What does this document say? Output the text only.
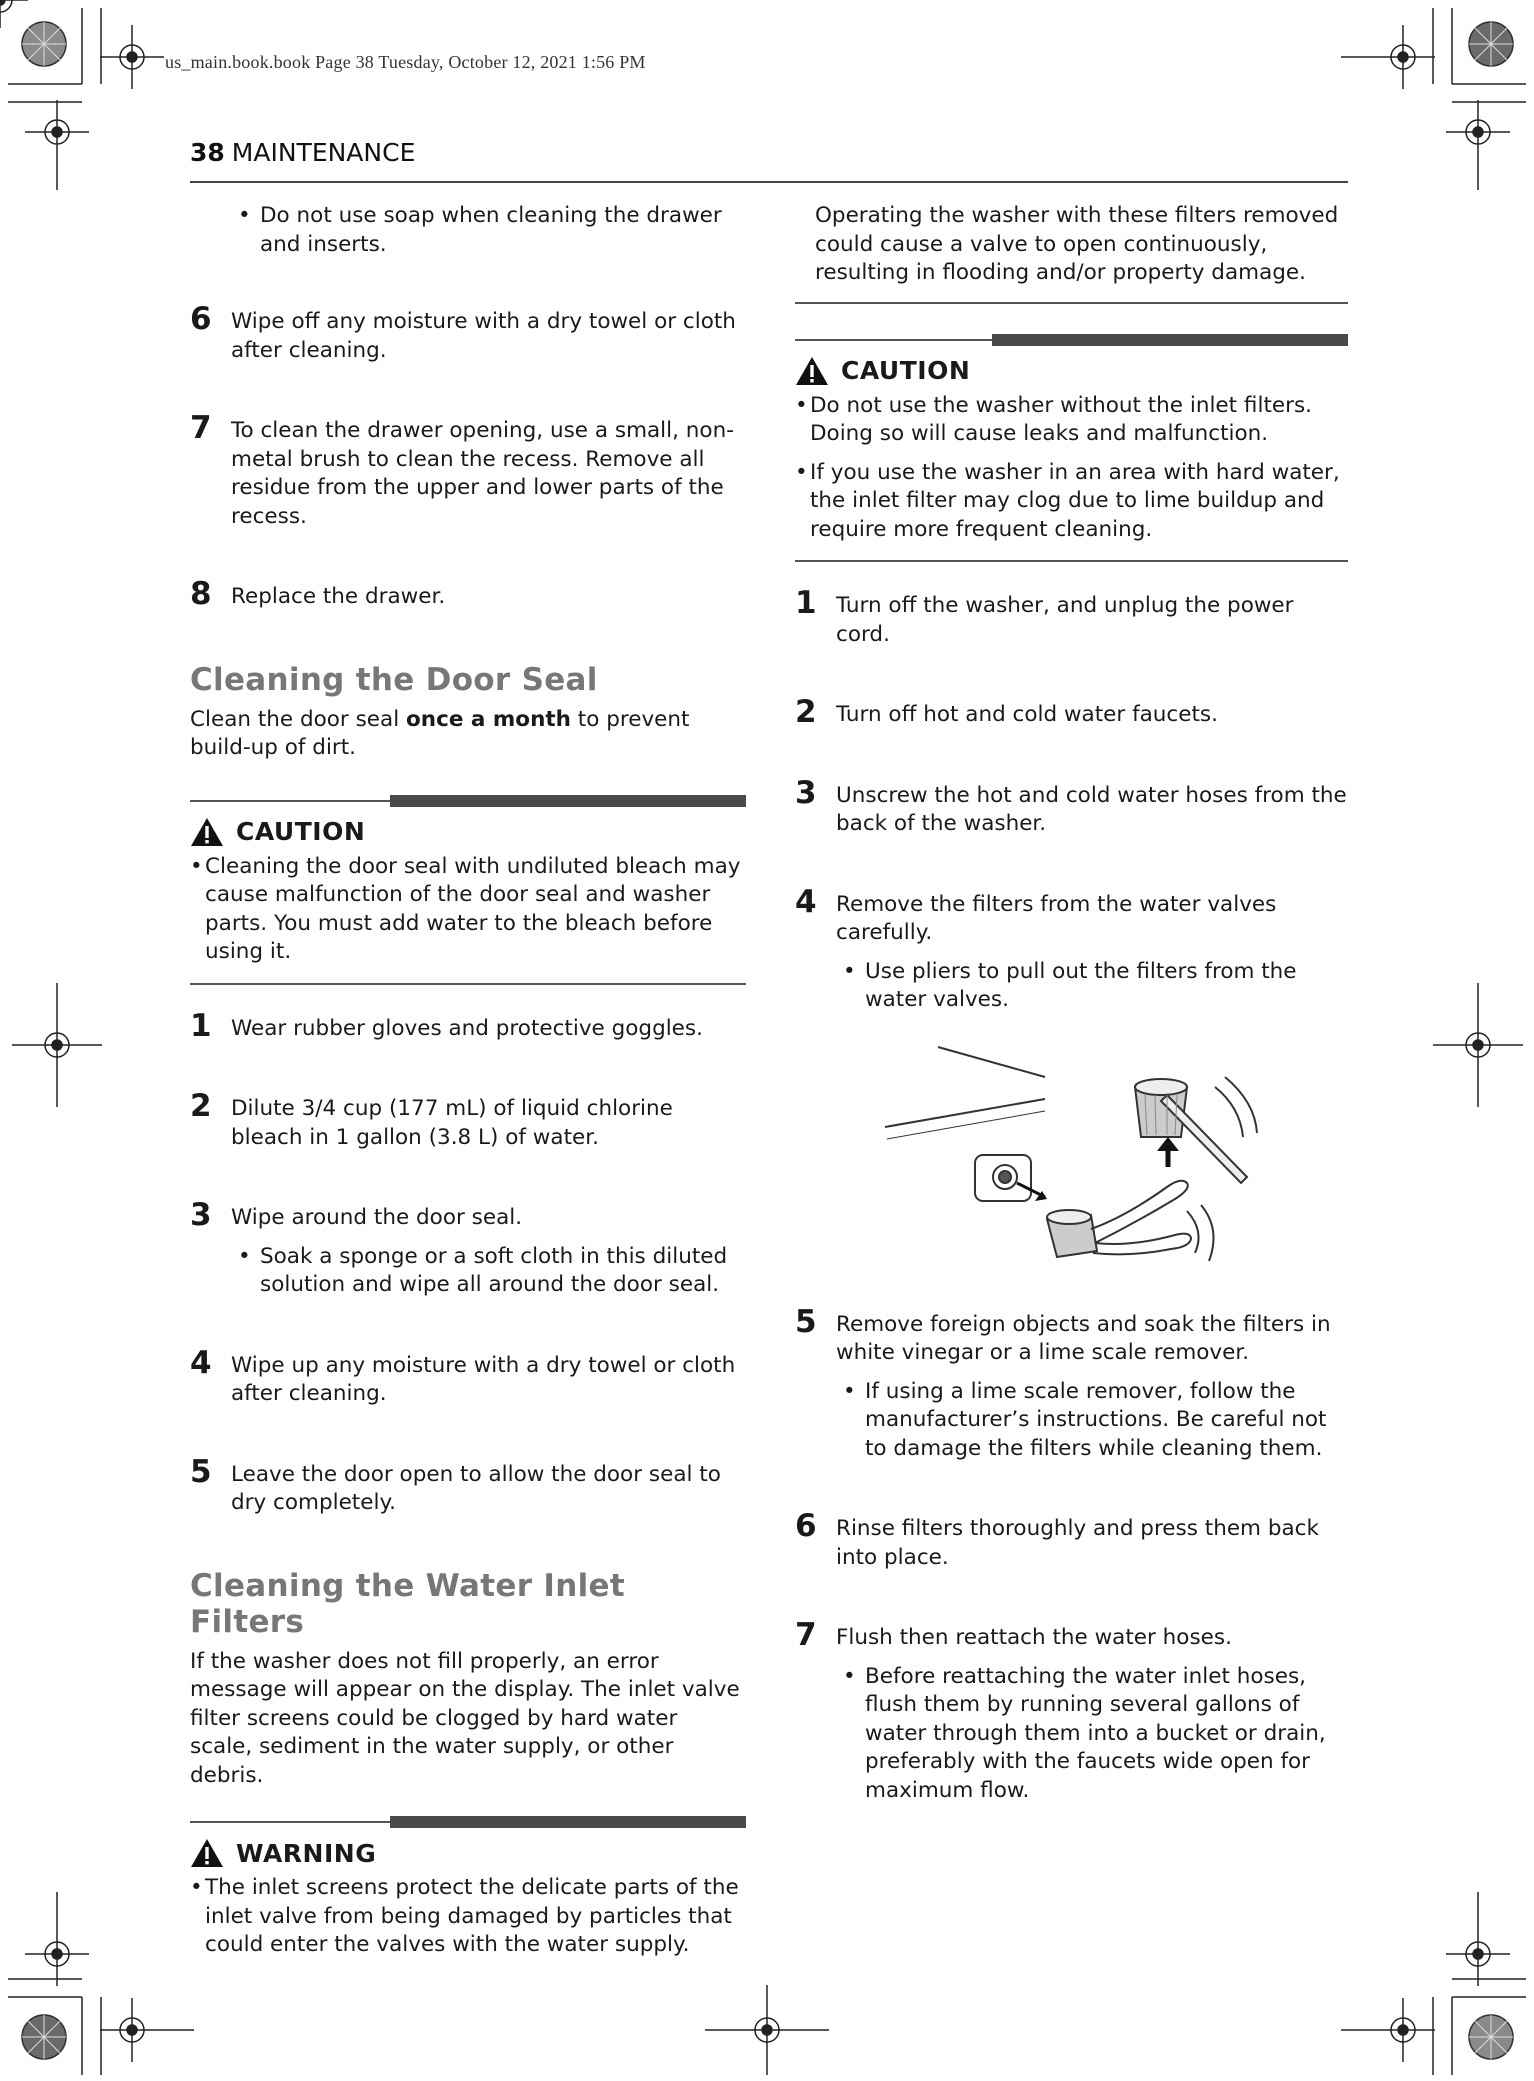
us_main.book.book Page 38 Tuesday, October 12, 2021 1:56 PM
38 MAINTENANCE
• Do not use soap when cleaning the drawer and inserts.
6 Wipe off any moisture with a dry towel or cloth after cleaning.
7 To clean the drawer opening, use a small, non-metal brush to clean the recess. Remove all residue from the upper and lower parts of the recess.
8 Replace the drawer.
Cleaning the Door Seal

Clean the door seal once a month to prevent build-up of dirt.

CAUTION
• Cleaning the door seal with undiluted bleach may cause malfunction of the door seal and washer parts. You must add water to the bleach before using it.
1 Wear rubber gloves and protective goggles.
2 Dilute 3/4 cup (177 mL) of liquid chlorine bleach in 1 gallon (3.8 L) of water.
3 Wipe around the door seal.
• Soak a sponge or a soft cloth in this diluted solution and wipe all around the door seal.
4 Wipe up any moisture with a dry towel or cloth after cleaning.
5 Leave the door open to allow the door seal to dry completely.
Cleaning the Water Inlet Filters

If the washer does not fill properly, an error message will appear on the display. The inlet valve filter screens could be clogged by hard water scale, sediment in the water supply, or other debris.

WARNING
• The inlet screens protect the delicate parts of the inlet valve from being damaged by particles that could enter the valves with the water supply.

Operating the washer with these filters removed could cause a valve to open continuously, resulting in flooding and/or property damage.

CAUTION
• Do not use the washer without the inlet filters. Doing so will cause leaks and malfunction.
• If you use the washer in an area with hard water, the inlet filter may clog due to lime buildup and require more frequent cleaning.
1 Turn off the washer, and unplug the power cord.
2 Turn off hot and cold water faucets.
3 Unscrew the hot and cold water hoses from the back of the washer.
4 Remove the filters from the water valves carefully.
• Use pliers to pull out the filters from the water valves.
5 Remove foreign objects and soak the filters in white vinegar or a lime scale remover.
• If using a lime scale remover, follow the manufacturer’s instructions. Be careful not to damage the filters while cleaning them.
6 Rinse filters thoroughly and press them back into place.
7 Flush then reattach the water hoses.
• Before reattaching the water inlet hoses, flush them by running several gallons of water through them into a bucket or drain, preferably with the faucets wide open for maximum flow.
